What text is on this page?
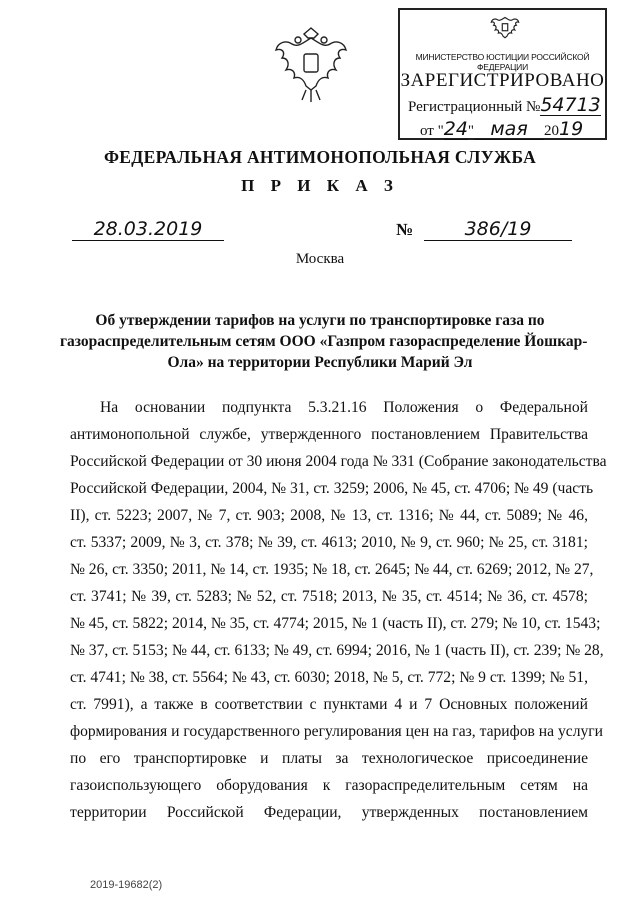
МИНИСТЕРСТВО ЮСТИЦИИ РОССИЙСКОЙ ФЕДЕРАЦИИ
ЗАРЕГИСТРИРОВАНО
Регистрационный №54713
от "24" мая 2019
ФЕДЕРАЛЬНАЯ АНТИМОНОПОЛЬНАЯ СЛУЖБА
П Р И К А З
28.03.2019	№	386/19
Москва
Об утверждении тарифов на услуги по транспортировке газа по
газораспределительным сетям ООО «Газпром газораспределение Йошкар-
Ола» на территории Республики Марий Эл
На основании подпункта 5.3.21.16 Положения о Федеральной
антимонопольной службе, утвержденного постановлением Правительства
Российской Федерации от 30 июня 2004 года № 331 (Собрание законодательства
Российской Федерации, 2004, № 31, ст. 3259; 2006, № 45, ст. 4706; № 49 (часть
II), ст. 5223; 2007, № 7, ст. 903; 2008, № 13, ст. 1316; № 44, ст. 5089; № 46,
ст. 5337; 2009, № 3, ст. 378; № 39, ст. 4613; 2010, № 9, ст. 960; № 25, ст. 3181;
№ 26, ст. 3350; 2011, № 14, ст. 1935; № 18, ст. 2645; № 44, ст. 6269; 2012, № 27,
ст. 3741; № 39, ст. 5283; № 52, ст. 7518; 2013, № 35, ст. 4514; № 36, ст. 4578;
№ 45, ст. 5822; 2014, № 35, ст. 4774; 2015, № 1 (часть II), ст. 279; № 10, ст. 1543;
№ 37, ст. 5153; № 44, ст. 6133; № 49, ст. 6994; 2016, № 1 (часть II), ст. 239; № 28,
ст. 4741; № 38, ст. 5564; № 43, ст. 6030; 2018, № 5, ст. 772; № 9 ст. 1399; № 51,
ст. 7991), а также в соответствии с пунктами 4 и 7 Основных положений
формирования и государственного регулирования цен на газ, тарифов на услуги
по его транспортировке и платы за технологическое присоединение
газоиспользующего оборудования к газораспределительным сетям на
территории Российской Федерации, утвержденных постановлением
2019-19682(2)
